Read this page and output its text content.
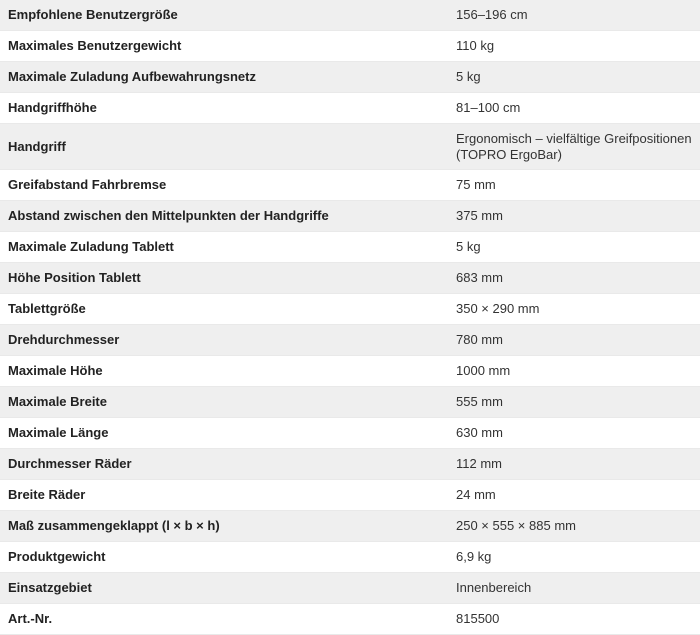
Empfohlene Benutzergröße	156–196 cm
Maximales Benutzergewicht	110 kg
Maximale Zuladung Aufbewahrungsnetz	5 kg
Handgriffhöhe	81–100 cm
Handgriff	Ergonomisch – vielfältige Greifpositionen (TOPRO ErgoBar)
Greifabstand Fahrbremse	75 mm
Abstand zwischen den Mittelpunkten der Handgriffe	375 mm
Maximale Zuladung Tablett	5 kg
Höhe Position Tablett	683 mm
Tablettgröße	350 × 290 mm
Drehdurchmesser	780 mm
Maximale Höhe	1000 mm
Maximale Breite	555 mm
Maximale Länge	630 mm
Durchmesser Räder	112 mm
Breite Räder	24 mm
Maß zusammengeklappt (l × b × h)	250 × 555 × 885 mm
Produktgewicht	6,9 kg
Einsatzgebiet	Innenbereich
Art.-Nr.	815500
